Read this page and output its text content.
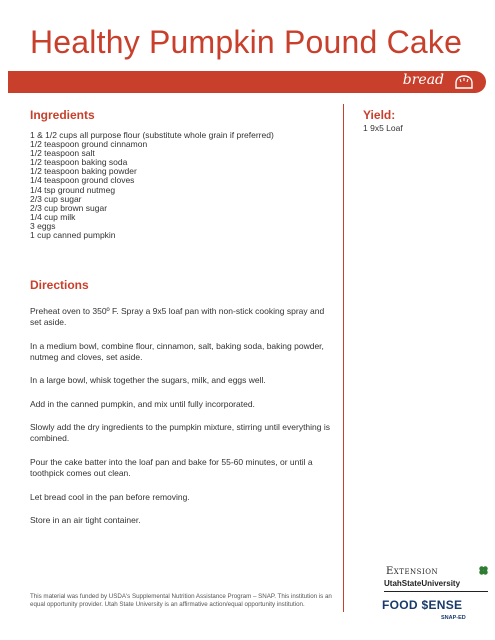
Healthy Pumpkin Pound Cake
bread
Ingredients
1 & 1/2 cups all purpose flour (substitute whole grain if preferred)
1/2 teaspoon ground cinnamon
1/2 teaspoon salt
1/2 teaspoon baking soda
1/2 teaspoon baking powder
1/4 teaspoon ground cloves
1/4 tsp ground nutmeg
2/3 cup sugar
2/3 cup brown sugar
1/4 cup milk
3 eggs
1 cup canned pumpkin
Yield:
1 9x5 Loaf
Directions

Preheat oven to 350º F. Spray a 9x5 loaf pan with non-stick cooking spray and set aside.

In a medium bowl, combine flour, cinnamon, salt, baking soda, baking powder, nutmeg and cloves, set aside.

In a large bowl, whisk together the sugars, milk, and eggs well.

Add in the canned pumpkin, and mix until fully incorporated.

Slowly add the dry ingredients to the pumpkin mixture, stirring until everything is combined.

Pour the cake batter into the loaf pan and bake for 55-60 minutes, or until a toothpick comes out clean.

Let bread cool in the pan before removing.

Store in an air tight container.

This material was funded by USDA's Supplemental Nutrition Assistance Program – SNAP. This institution is an equal opportunity provider. Utah State University is an affirmative action/equal opportunity institution.

Extension
UtahStateUniversity
FOOD $ENSE
SNAP-ED
